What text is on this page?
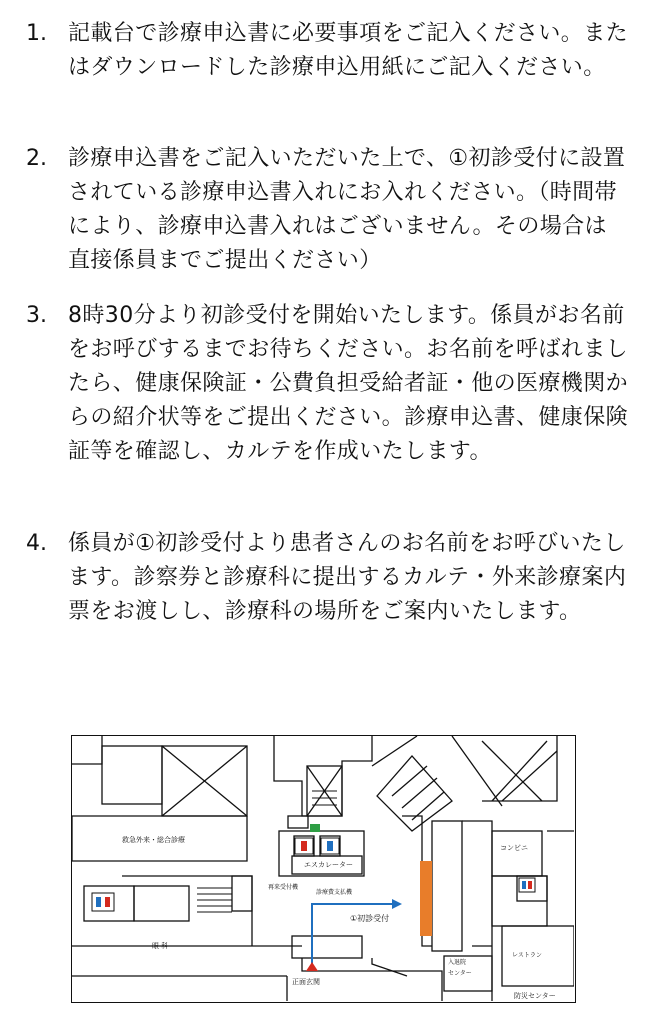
1. 記載台で診療申込書に必要事項をご記入ください。またはダウンロードした診療申込用紙にご記入ください。
2. 診療申込書をご記入いただいた上で、①初診受付に設置されている診療申込書入れにお入れください。（時間帯により、診療申込書入れはございません。その場合は直接係員までご提出ください）
3. 8時30分より初診受付を開始いたします。係員がお名前をお呼びするまでお待ちください。お名前を呼ばれましたら、健康保険証・公費負担受給者証・他の医療機関からの紹介状等をご提出ください。診療申込書、健康保険証等を確認し、カルテを作成いたします。
4. 係員が①初診受付より患者さんのお名前をお呼びいたします。診察券と診療科に提出するカルテ・外来診療案内票をお渡しし、診療科の場所をご案内いたします。
救急外来・総合診療
エスカレーター
再来受付機
診療費支払機
①初診受付
眼 科
正面玄関
入退院
センター
コンビニ
レストラン
防災センター
